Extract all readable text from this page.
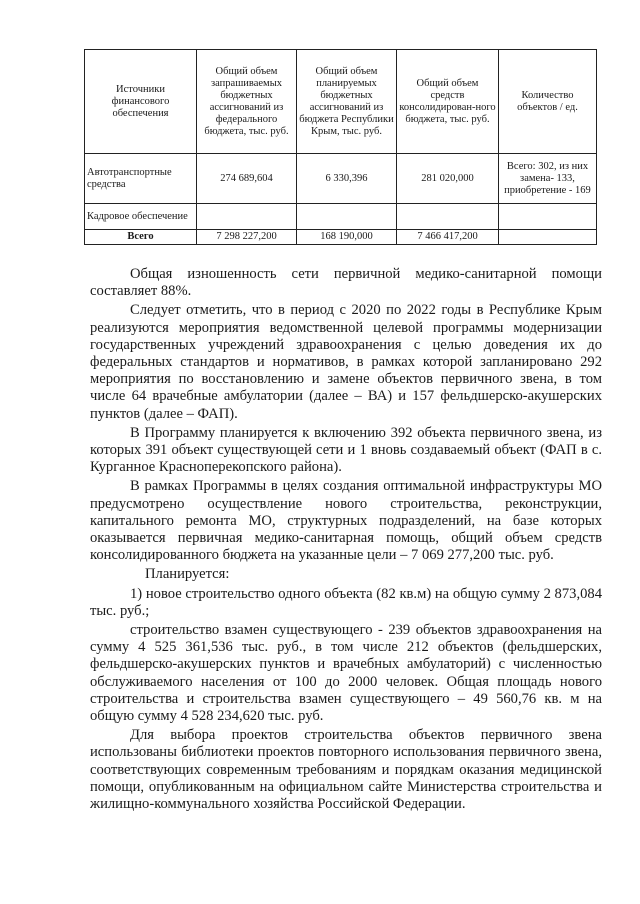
Источники финансового обеспечения	Общий объем запрашиваемых бюджетных ассигнований из федерального бюджета, тыс. руб.	Общий объем планируемых бюджетных ассигнований из бюджета Республики Крым, тыс. руб.	Общий объем средств консолидирован-ного бюджета, тыс. руб.	Количество объектов / ед.
Автотранспортные средства	274 689,604	6 330,396	281 020,000	Всего: 302, из них замена- 133, приобретение - 169
Кадровое обеспечение				
Всего	7 298 227,200	168 190,000	7 466 417,200	

Общая изношенность сети первичной медико-санитарной помощи составляет 88%.

Следует отметить, что в период с 2020 по 2022 годы в Республике Крым реализуются мероприятия ведомственной целевой программы модернизации государственных учреждений здравоохранения с целью доведения их до федеральных стандартов и нормативов, в рамках которой запланировано 292 мероприятия по восстановлению и замене объектов первичного звена, в том числе 64 врачебные амбулатории (далее – ВА) и 157 фельдшерско-акушерских пунктов (далее – ФАП).

В Программу планируется к включению 392 объекта первичного звена, из которых 391 объект существующей сети и 1 вновь создаваемый объект (ФАП в с. Курганное Красноперекопского района).

В рамках Программы в целях создания оптимальной инфраструктуры МО предусмотрено осуществление нового строительства, реконструкции, капитального ремонта МО, структурных подразделений, на базе которых оказывается первичная медико-санитарная помощь, общий объем средств консолидированного бюджета на указанные цели – 7 069 277,200 тыс. руб.

Планируется:

1) новое строительство одного объекта (82 кв.м) на общую сумму 2 873,084 тыс. руб.;

строительство взамен существующего - 239 объектов здравоохранения на сумму 4 525 361,536 тыс. руб., в том числе 212 объектов (фельдшерских, фельдшерско-акушерских пунктов и врачебных амбулаторий) с численностью обслуживаемого населения от 100 до 2000 человек. Общая площадь нового строительства и строительства взамен существующего – 49 560,76 кв. м на общую сумму 4 528 234,620 тыс. руб.

Для выбора проектов строительства объектов первичного звена использованы библиотеки проектов повторного использования первичного звена, соответствующих современным требованиям и порядкам оказания медицинской помощи, опубликованным на официальном сайте Министерства строительства и жилищно-коммунального хозяйства Российской Федерации.
